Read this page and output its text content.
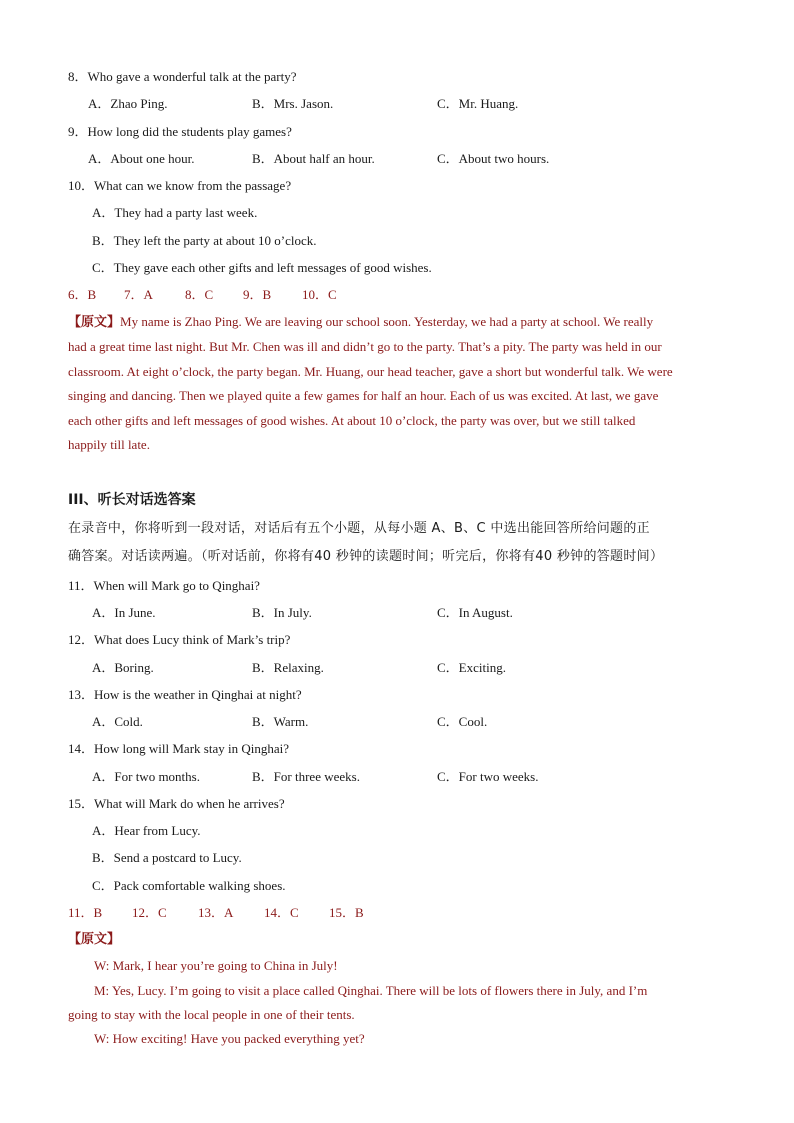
8．Who gave a wonderful talk at the party?
A．Zhao Ping.	B．Mrs. Jason.	C．Mr. Huang.
9．How long did the students play games?
A．About one hour.	B．About half an hour.	C．About two hours.
10．What can we know from the passage?
A．They had a party last week.
B．They left the party at about 10 o’clock.
C．They gave each other gifts and left messages of good wishes.
6．B 7．A 8．C 9．B 10．C
【原文】My name is Zhao Ping. We are leaving our school soon. Yesterday, we had a party at school. We really
had a great time last night. But Mr. Chen was ill and didn’t go to the party. That’s a pity. The party was held in our
classroom. At eight o’clock, the party began. Mr. Huang, our head teacher, gave a short but wonderful talk. We were
singing and dancing. Then we played quite a few games for half an hour. Each of us was excited. At last, we gave
each other gifts and left messages of good wishes. At about 10 o’clock, the party was over, but we still talked
happily till late.
III、听长对话选答案
在录音中，你将听到一段对话，对话后有五个小题，从每小题 A、B、C 中选出能回答所给问题的正
确答案。对话读两遍。（听对话前，你将有40 秒钟的读题时间；听完后，你将有40 秒钟的答题时间）
11．When will Mark go to Qinghai?
A．In June.	B．In July.	C．In August.
12．What does Lucy think of Mark’s trip?
A．Boring.	B．Relaxing.	C．Exciting.
13．How is the weather in Qinghai at night?
A．Cold.	B．Warm.	C．Cool.
14．How long will Mark stay in Qinghai?
A．For two months.	B．For three weeks.	C．For two weeks.
15．What will Mark do when he arrives?
A．Hear from Lucy.
B．Send a postcard to Lucy.
C．Pack comfortable walking shoes.
11．B 12．C 13．A 14．C 15．B
【原文】
W: Mark, I hear you’re going to China in July!
M: Yes, Lucy. I’m going to visit a place called Qinghai. There will be lots of flowers there in July, and I’m
going to stay with the local people in one of their tents.
W: How exciting! Have you packed everything yet?
